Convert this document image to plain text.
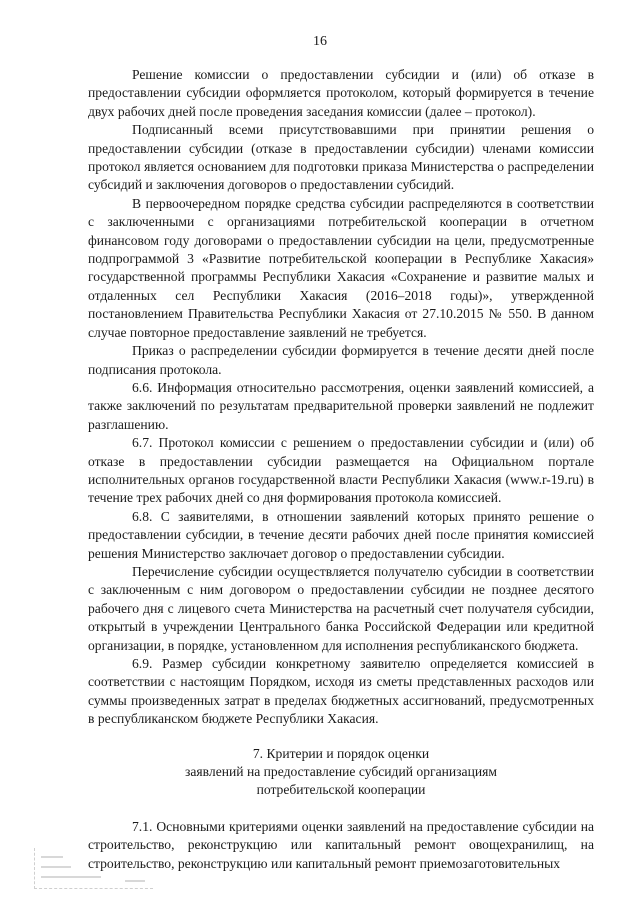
16

Решение комиссии о предоставлении субсидии и (или) об отказе в предоставлении субсидии оформляется протоколом, который формируется в течение двух рабочих дней после проведения заседания комиссии (далее – протокол).

Подписанный всеми присутствовавшими при принятии решения о предоставлении субсидии (отказе в предоставлении субсидии) членами комиссии протокол является основанием для подготовки приказа Министерства о распределении субсидий и заключения договоров о предоставлении субсидий.

В первоочередном порядке средства субсидии распределяются в соответствии с заключенными с организациями потребительской кооперации в отчетном финансовом году договорами о предоставлении субсидии на цели, предусмотренные подпрограммой 3 «Развитие потребительской кооперации в Республике Хакасия» государственной программы Республики Хакасия «Сохранение и развитие малых и отдаленных сел Республики Хакасия (2016–2018 годы)», утвержденной постановлением Правительства Республики Хакасия от 27.10.2015 № 550. В данном случае повторное предоставление заявлений не требуется.

Приказ о распределении субсидии формируется в течение десяти дней после подписания протокола.

6.6. Информация относительно рассмотрения, оценки заявлений комиссией, а также заключений по результатам предварительной проверки заявлений не подлежит разглашению.

6.7. Протокол комиссии с решением о предоставлении субсидии и (или) об отказе в предоставлении субсидии размещается на Официальном портале исполнительных органов государственной власти Республики Хакасия (www.r-19.ru) в течение трех рабочих дней со дня формирования протокола комиссией.

6.8. С заявителями, в отношении заявлений которых принято решение о предоставлении субсидии, в течение десяти рабочих дней после принятия комиссией решения Министерство заключает договор о предоставлении субсидии.

Перечисление субсидии осуществляется получателю субсидии в соответствии с заключенным с ним договором о предоставлении субсидии не позднее десятого рабочего дня с лицевого счета Министерства на расчетный счет получателя субсидии, открытый в учреждении Центрального банка Российской Федерации или кредитной организации, в порядке, установленном для исполнения республиканского бюджета.

6.9. Размер субсидии конкретному заявителю определяется комиссией в соответствии с настоящим Порядком, исходя из сметы представленных расходов или суммы произведенных затрат в пределах бюджетных ассигнований, предусмотренных в республиканском бюджете Республики Хакасия.

7. Критерии и порядок оценки
заявлений на предоставление субсидий организациям
потребительской кооперации

7.1. Основными критериями оценки заявлений на предоставление субсидии на строительство, реконструкцию или капитальный ремонт овощехранилищ, на строительство, реконструкцию или капитальный ремонт приемозаготовительных
